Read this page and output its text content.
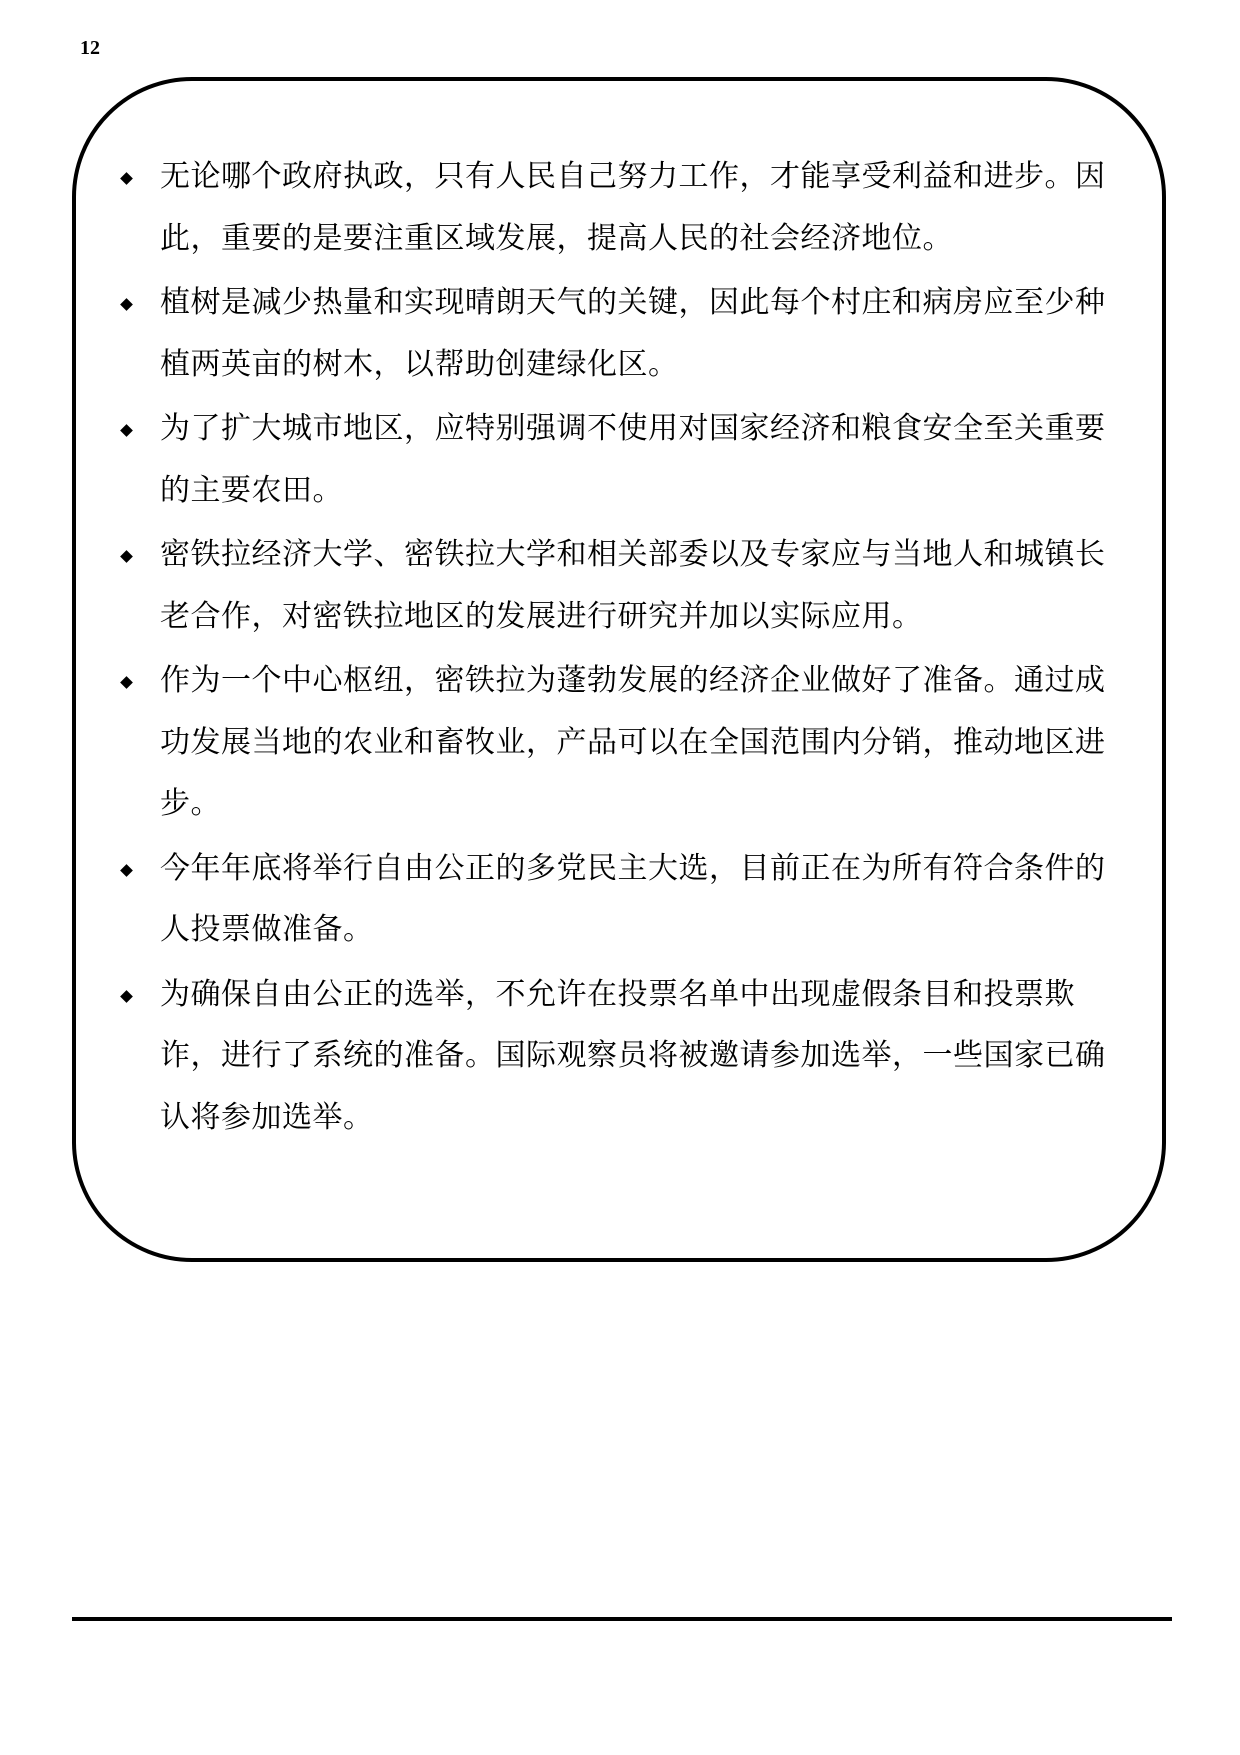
12
无论哪个政府执政，只有人民自己努力工作，才能享受利益和进步。因此，重要的是要注重区域发展，提高人民的社会经济地位。
植树是减少热量和实现晴朗天气的关键，因此每个村庄和病房应至少种植两英亩的树木，以帮助创建绿化区。
为了扩大城市地区，应特别强调不使用对国家经济和粮食安全至关重要的主要农田。
密铁拉经济大学、密铁拉大学和相关部委以及专家应与当地人和城镇长老合作，对密铁拉地区的发展进行研究并加以实际应用。
作为一个中心枢纽，密铁拉为蓬勃发展的经济企业做好了准备。通过成功发展当地的农业和畜牧业，产品可以在全国范围内分销，推动地区进步。
今年年底将举行自由公正的多党民主大选，目前正在为所有符合条件的人投票做准备。
为确保自由公正的选举，不允许在投票名单中出现虚假条目和投票欺诈，进行了系统的准备。国际观察员将被邀请参加选举，一些国家已确认将参加选举。
